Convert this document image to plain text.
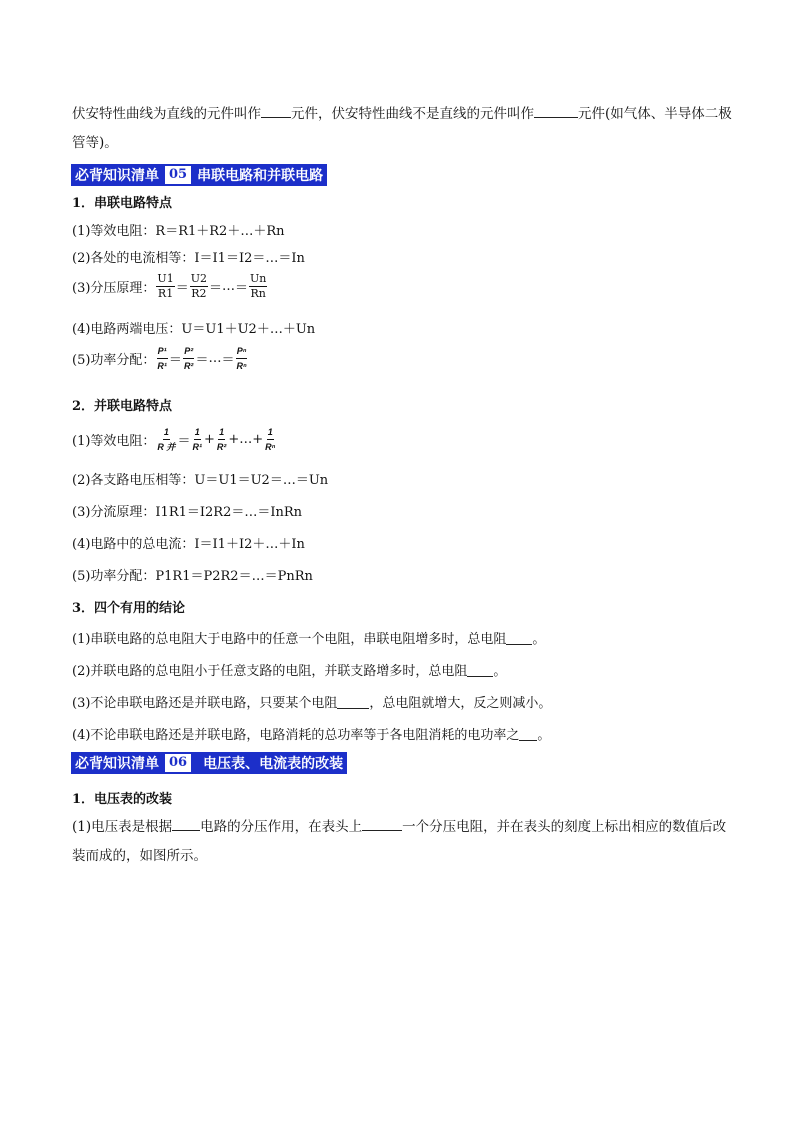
伏安特性曲线为直线的元件叫作 元件，伏安特性曲线不是直线的元件叫作	元件(如气体、半导体二极管等)。
必背知识清单 05 串联电路和并联电路
1．串联电路特点
(1)等效电阻：R＝R1＋R2＋…＋Rn
(2)各处的电流相等：I＝I1＝I2＝…＝In
(3)分压原理： $\frac{U1}{R1} = \frac{U2}{R2}$ ＝ … ＝ $\frac{Un}{Rn}$
(4)电路两端电压：U＝U1＋U2＋…＋Un
(5)功率分配： $\frac{\text{P¹}}{\text{R¹}} = \frac{\text{P²}}{\text{R²}}$ ＝ … ＝ $\frac{\text{Pⁿ}}{\text{Rⁿ}}$
2．并联电路特点
(1)等效电阻： $\frac{1}{\text{R 并}} = \frac{1}{\text{R¹}} + \frac{1}{\text{R²}}$ +…+ $\frac{1}{\text{Rⁿ}}$
(2)各支路电压相等：U＝U1＝U2＝…＝Un
(3)分流原理：I1R1＝I2R2＝…＝InRn
(4)电路中的总电流：I＝I1＋I2＋…＋In
(5)功率分配：P1R1＝P2R2＝…＝PnRn
3．四个有用的结论
(1)串联电路的总电阻大于电路中的任意一个电阻，串联电阻增多时，总电阻 。
(2)并联电路的总电阻小于任意支路的电阻，并联支路增多时，总电阻 。
(3)不论串联电路还是并联电路，只要某个电阻 ，总电阻就增大，反之则减小。
(4)不论串联电路还是并联电路，电路消耗的总功率等于各电阻消耗的电功率之 。
必背知识清单 06 电压表、电流表的改装
1．电压表的改装
(1)电压表是根据 电路的分压作用，在表头上	一个分压电阻，并在表头的刻度上标出相应的数值后改装而成的，如图所示。
